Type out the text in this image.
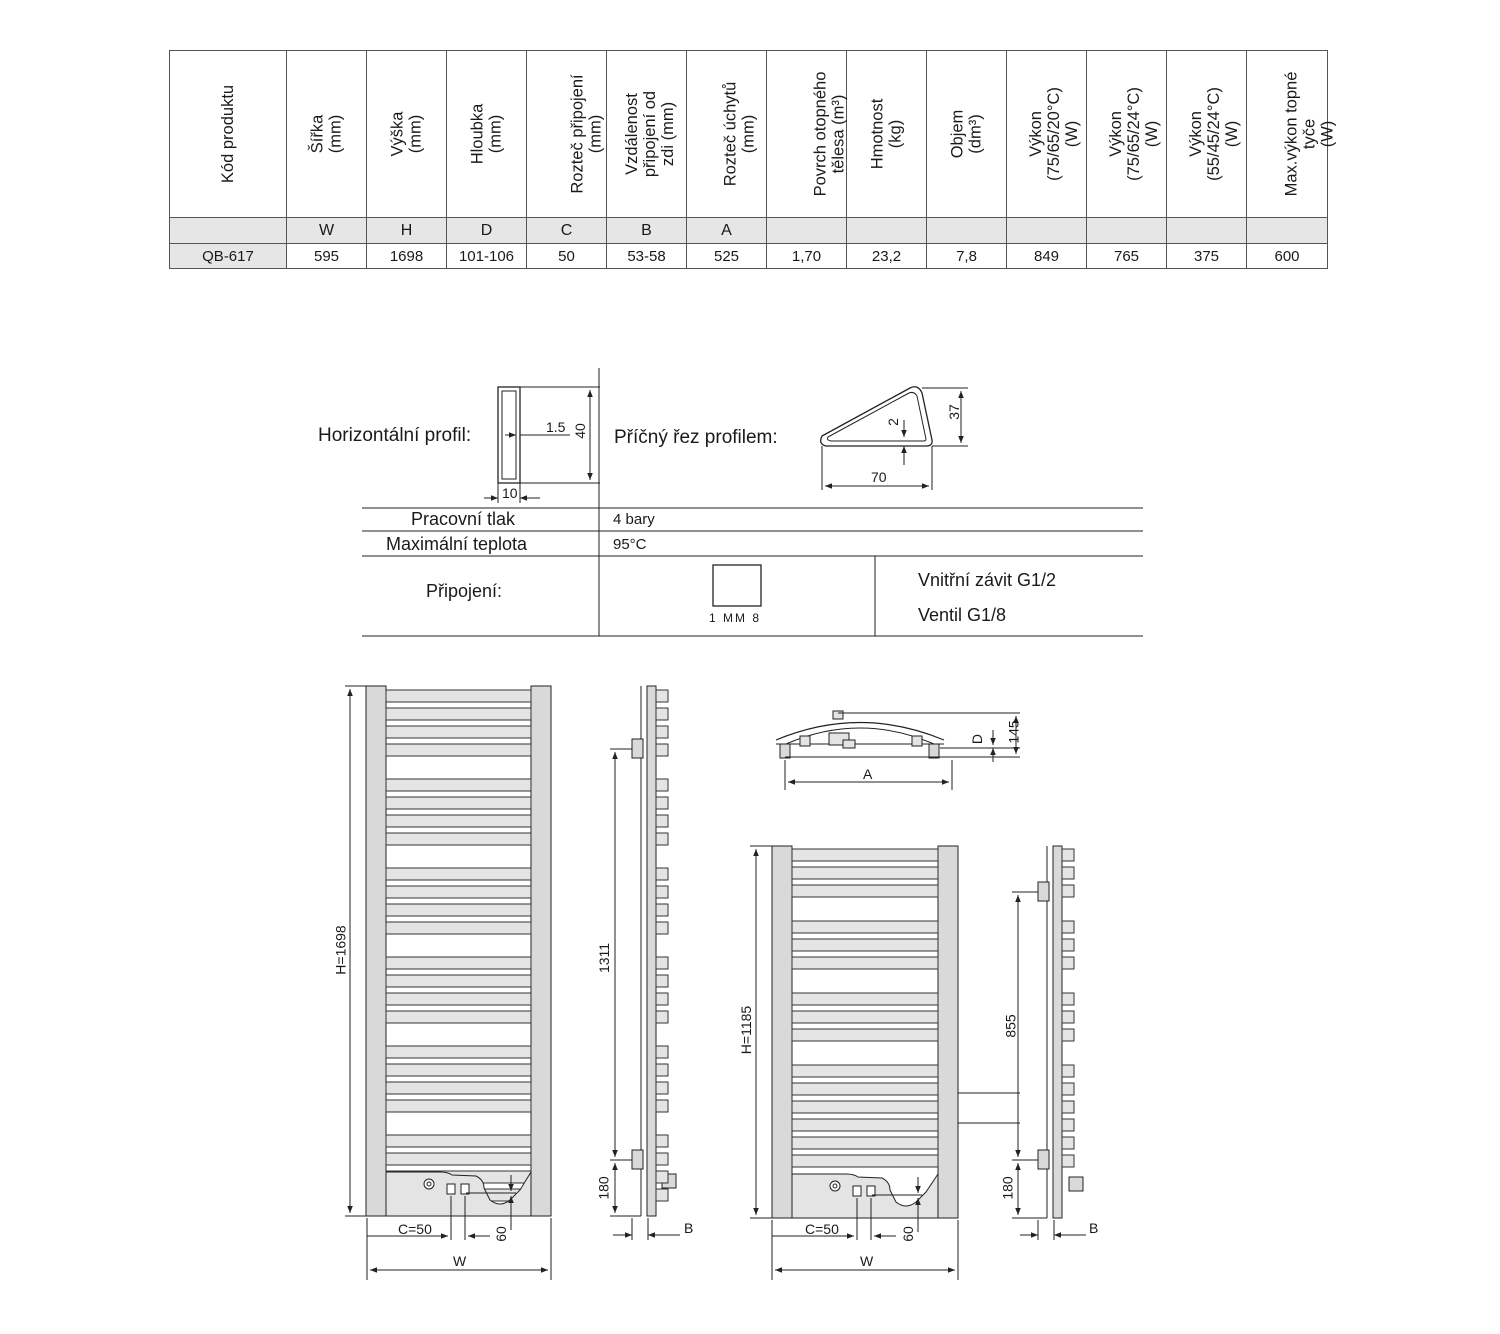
Kód produktu	Šířka (mm)	Výška (mm)	Hloubka (mm)	Rozteč připojení (mm)	Vzdálenost připojení od zdi (mm)	Rozteč úchytů (mm)	Povrch otopného tělesa (m³)	Hmotnost (kg)	Objem (dm³)	Výkon (75/65/20°C) (W)	Výkon (75/65/24°C) (W)	Výkon (55/45/24°C) (W)	Max.výkon topné tyče (W)

	W	H	D	C	B	A							
QB-617	595	1698	101-106	50	53-58	525	1,70	23,2	7,8	849	765	375	600
Horizontální profil:	1.5 40
10
Příčný řez profilem:
2
37
70
Pracovní tlak	4 bary
Maximální teplota	95°C
Připojení:
1 MM 8
Vnitřní závit G1/2
Ventil G1/8
H=1698	1311
180
C=50	60
W
B
D 145
A
H=1185	855
180
C=50	60
W
B
